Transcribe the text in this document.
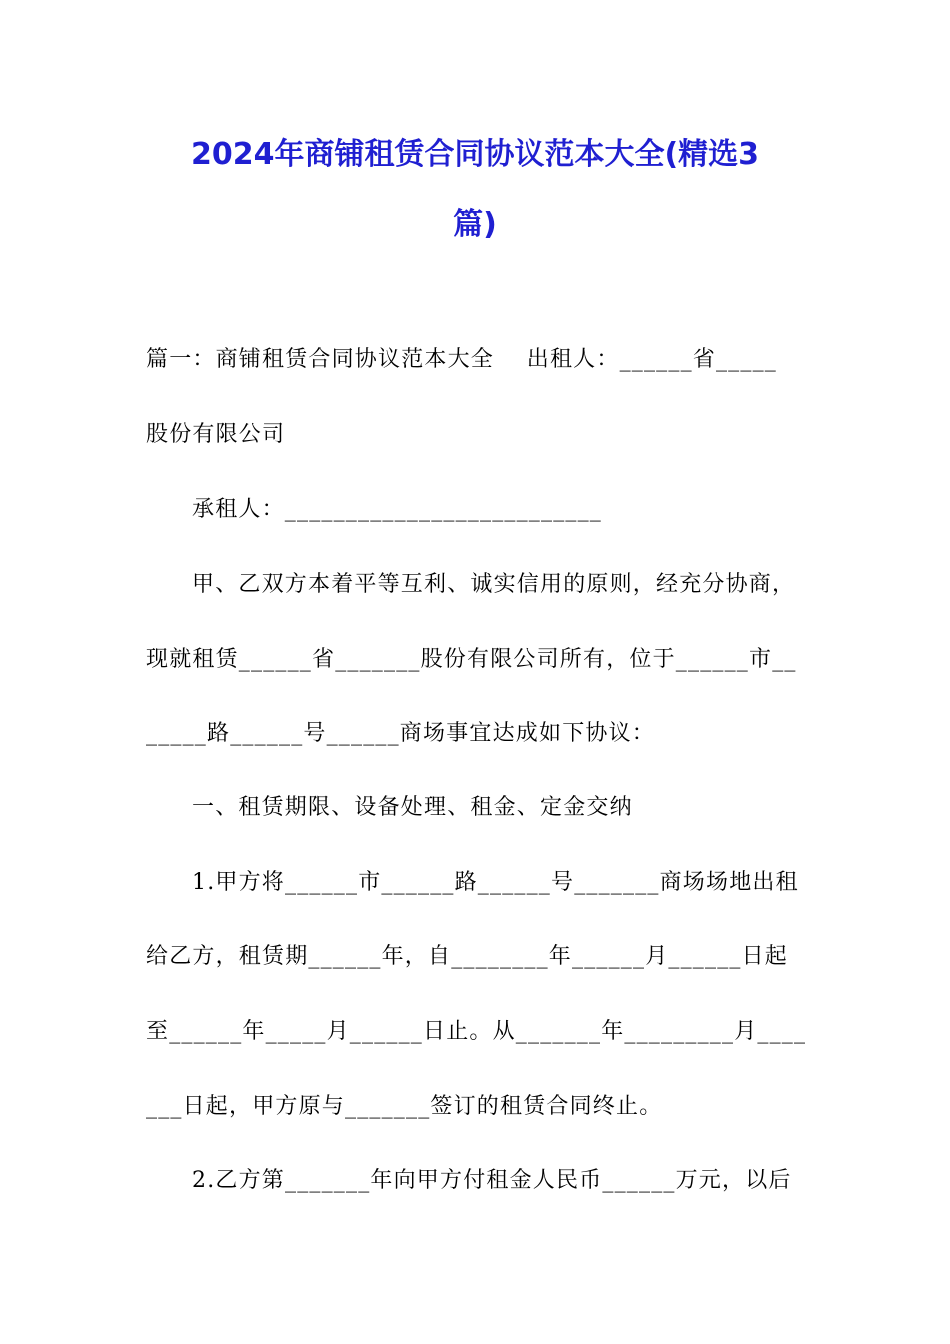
2024年商铺租赁合同协议范本大全(精选3
篇)
篇一：商铺租赁合同协议范本大全    出租人：______省_____
股份有限公司
承租人：__________________________
甲、乙双方本着平等互利、诚实信用的原则，经充分协商，
现就租赁______省_______股份有限公司所有，位于______市__
_____路______号______商场事宜达成如下协议：
一、租赁期限、设备处理、租金、定金交纳
1.甲方将______市______路______号_______商场场地出租
给乙方，租赁期______年，自________年______月______日起
至______年_____月______日止。从_______年_________月____
___日起，甲方原与_______签订的租赁合同终止。
2.乙方第_______年向甲方付租金人民币______万元，以后
